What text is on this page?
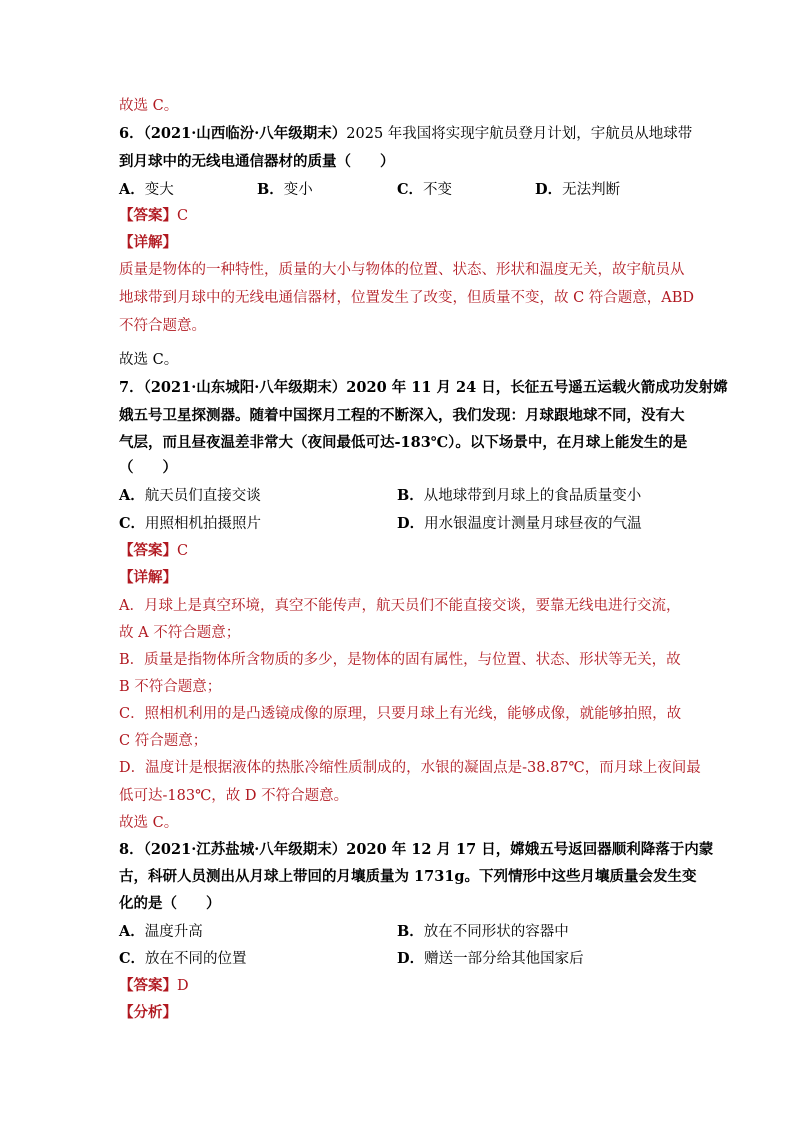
故选 C。
6．（2021·山西临汾·八年级期末）2025 年我国将实现宇航员登月计划，宇航员从地球带
到月球中的无线电通信器材的质量（　　）
A．变大	B．变小	C．不变	D．无法判断
【答案】C
【详解】
质量是物体的一种特性，质量的大小与物体的位置、状态、形状和温度无关，故宇航员从
地球带到月球中的无线电通信器材，位置发生了改变，但质量不变，故 C 符合题意，ABD
不符合题意。
故选 C。
7．（2021·山东城阳·八年级期末）2020 年 11 月 24 日，长征五号遥五运载火箭成功发射嫦
娥五号卫星探测器。随着中国探月工程的不断深入，我们发现：月球跟地球不同，没有大
气层，而且昼夜温差非常大（夜间最低可达-183℃）。以下场景中，在月球上能发生的是
（　　）
A．航天员们直接交谈	B．从地球带到月球上的食品质量变小
C．用照相机拍摄照片	D．用水银温度计测量月球昼夜的气温
【答案】C
【详解】
A．月球上是真空环境，真空不能传声，航天员们不能直接交谈，要靠无线电进行交流，
故 A 不符合题意；
B．质量是指物体所含物质的多少，是物体的固有属性，与位置、状态、形状等无关，故
B 不符合题意；
C．照相机利用的是凸透镜成像的原理，只要月球上有光线，能够成像，就能够拍照，故
C 符合题意；
D．温度计是根据液体的热胀冷缩性质制成的，水银的凝固点是-38.87℃，而月球上夜间最
低可达-183℃，故 D 不符合题意。
故选 C。
8．（2021·江苏盐城·八年级期末）2020 年 12 月 17 日，嫦娥五号返回器顺利降落于内蒙
古，科研人员测出从月球上带回的月壤质量为 1731g。下列情形中这些月壤质量会发生变
化的是（　　）
A．温度升高	B．放在不同形状的容器中
C．放在不同的位置	D．赠送一部分给其他国家后
【答案】D
【分析】
